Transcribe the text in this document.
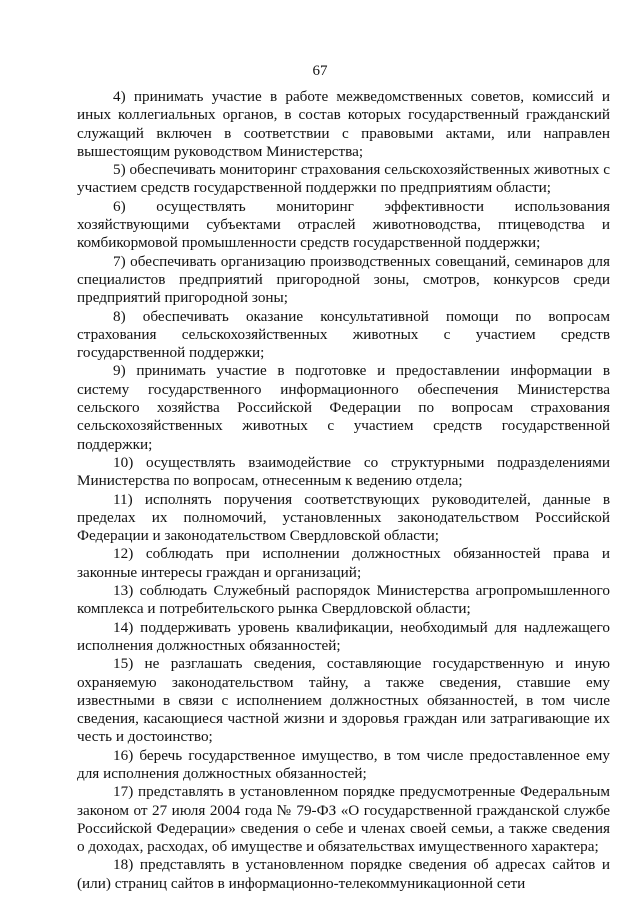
67

4) принимать участие в работе межведомственных советов, комиссий и иных коллегиальных органов, в состав которых государственный гражданский служащий включен в соответствии с правовыми актами, или направлен вышестоящим руководством Министерства;

5) обеспечивать мониторинг страхования сельскохозяйственных животных с участием средств государственной поддержки по предприятиям области;

6) осуществлять мониторинг эффективности использования хозяйствующими субъектами отраслей животноводства, птицеводства и комбикормовой промышленности средств государственной поддержки;

7) обеспечивать организацию производственных совещаний, семинаров для специалистов предприятий пригородной зоны, смотров, конкурсов среди предприятий пригородной зоны;

8) обеспечивать оказание консультативной помощи по вопросам страхования сельскохозяйственных животных с участием средств государственной поддержки;

9) принимать участие в подготовке и предоставлении информации в систему государственного информационного обеспечения Министерства сельского хозяйства Российской Федерации по вопросам страхования сельскохозяйственных животных с участием средств государственной поддержки;

10) осуществлять взаимодействие со структурными подразделениями Министерства по вопросам, отнесенным к ведению отдела;

11) исполнять поручения соответствующих руководителей, данные в пределах их полномочий, установленных законодательством Российской Федерации и законодательством Свердловской области;

12) соблюдать при исполнении должностных обязанностей права и законные интересы граждан и организаций;

13) соблюдать Служебный распорядок Министерства агропромышленного комплекса и потребительского рынка Свердловской области;

14) поддерживать уровень квалификации, необходимый для надлежащего исполнения должностных обязанностей;

15) не разглашать сведения, составляющие государственную и иную охраняемую законодательством тайну, а также сведения, ставшие ему известными в связи с исполнением должностных обязанностей, в том числе сведения, касающиеся частной жизни и здоровья граждан или затрагивающие их честь и достоинство;

16) беречь государственное имущество, в том числе предоставленное ему для исполнения должностных обязанностей;

17) представлять в установленном порядке предусмотренные Федеральным законом от 27 июля 2004 года № 79-ФЗ «О государственной гражданской службе Российской Федерации» сведения о себе и членах своей семьи, а также сведения о доходах, расходах, об имуществе и обязательствах имущественного характера;

18) представлять в установленном порядке сведения об адресах сайтов и (или) страниц сайтов в информационно-телекоммуникационной сети
